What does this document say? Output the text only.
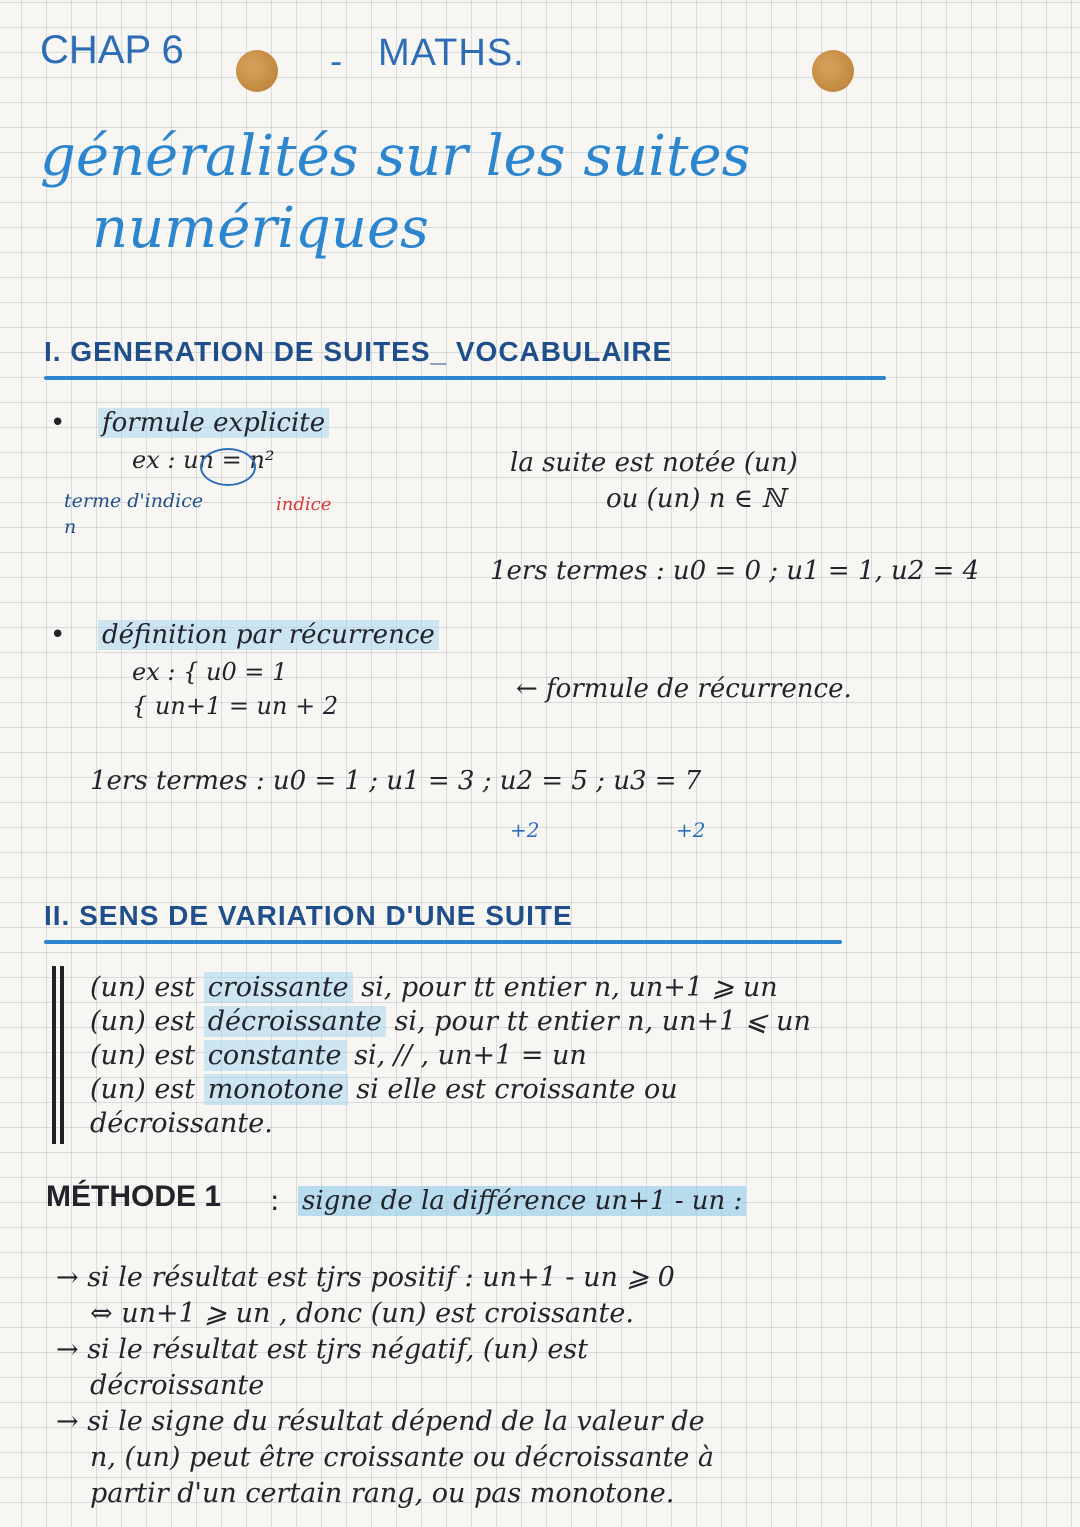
CHAP 6	- MATHS.
généralités sur les suites
numériques
I. GENERATION DE SUITES_ VOCABULAIRE
• formule explicite
ex : un = n²
indice
terme d'indice n
la suite est notée (un)
ou (un) n ∈ ℕ
1ers termes : u0 = 0 ; u1 = 1, u2 = 4
• définition par récurrence
ex : { u0 = 1
{ un+1 = un + 2
← formule de récurrence.
1ers termes : u0 = 1 ; u1 = 3 ; u2 = 5 ; u3 = 7
+2	+2
II. SENS DE VARIATION D'UNE SUITE
(un) est croissante si, pour tt entier n, un+1 ⩾ un
(un) est décroissante si, pour tt entier n, un+1 ⩽ un
(un) est constante si, // , un+1 = un
(un) est monotone si elle est croissante ou
décroissante.
MÉTHODE 1 : signe de la différence un+1 - un :
→ si le résultat est tjrs positif : un+1 - un ⩾ 0
⇔ un+1 ⩾ un , donc (un) est croissante.
→ si le résultat est tjrs négatif, (un) est
décroissante
→ si le signe du résultat dépend de la valeur de
n, (un) peut être croissante ou décroissante à
partir d'un certain rang, ou pas monotone.
